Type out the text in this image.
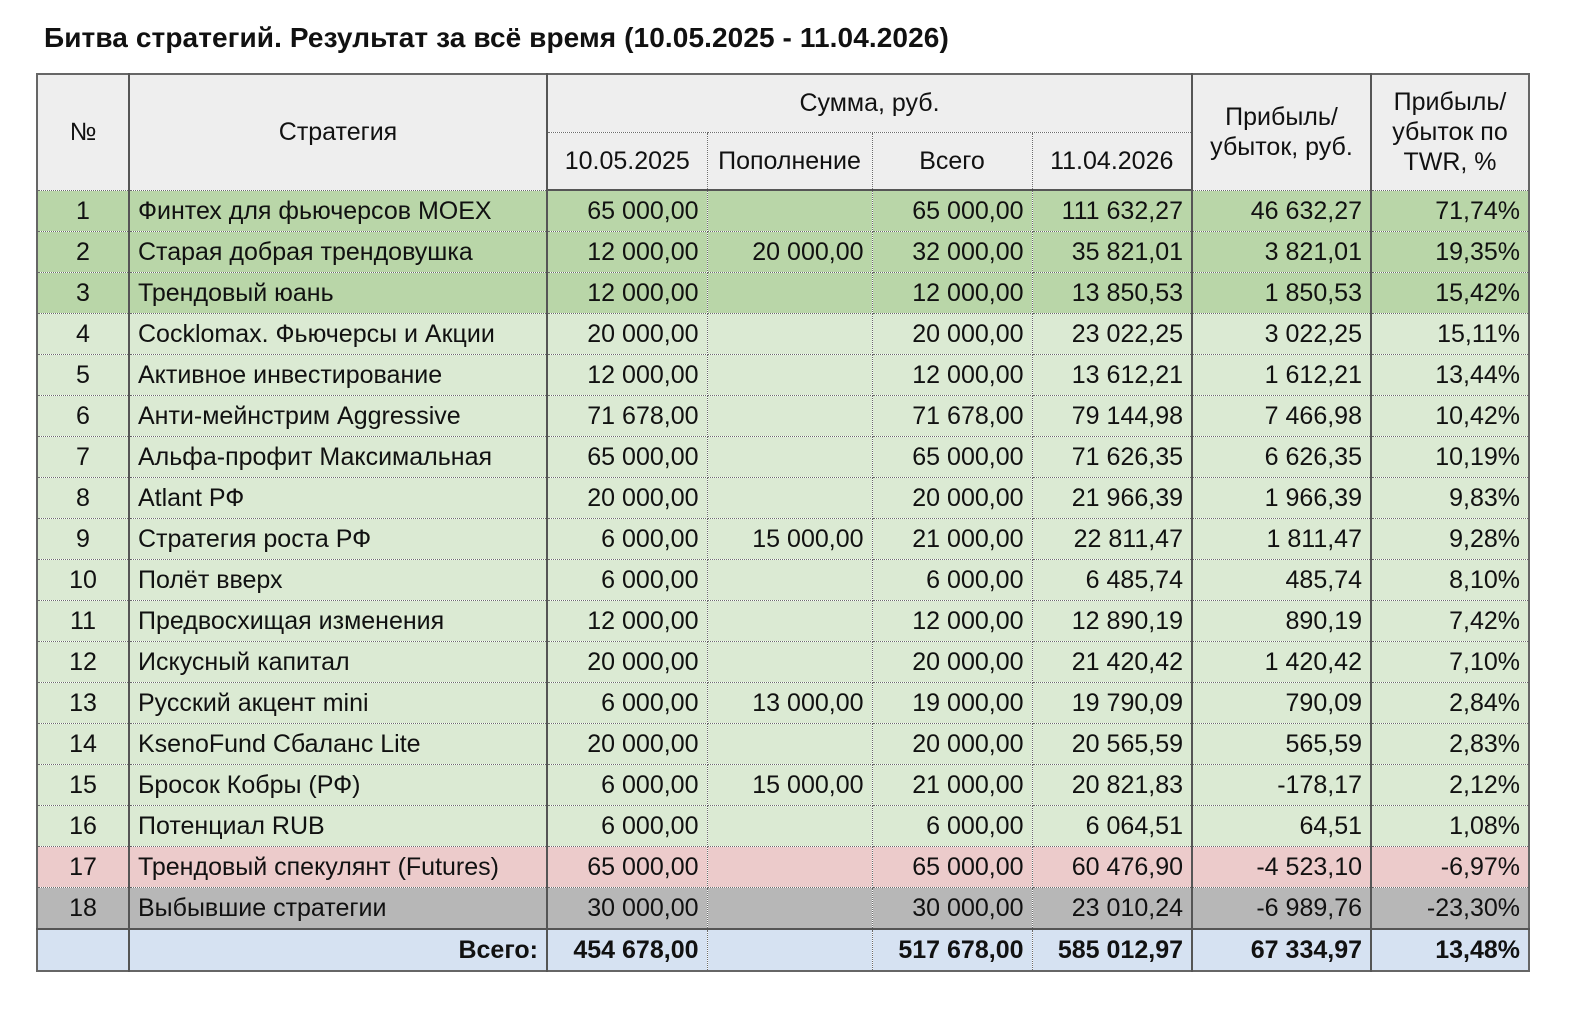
Битва стратегий. Результат за всё время (10.05.2025 - 11.04.2026)
№	Стратегия	Сумма, руб.				Прибыль/ убыток, руб.	Прибыль/ убыток по TWR, %
		10.05.2025	Пополнение	Всего	11.04.2026		
1	Финтех для фьючерсов MOEX	65 000,00		65 000,00	111 632,27	46 632,27	71,74%
2	Старая добрая трендовушка	12 000,00	20 000,00	32 000,00	35 821,01	3 821,01	19,35%
3	Трендовый юань	12 000,00		12 000,00	13 850,53	1 850,53	15,42%
4	Cocklomax. Фьючерсы и Акции	20 000,00		20 000,00	23 022,25	3 022,25	15,11%
5	Активное инвестирование	12 000,00		12 000,00	13 612,21	1 612,21	13,44%
6	Анти-мейнстрим Aggressive	71 678,00		71 678,00	79 144,98	7 466,98	10,42%
7	Альфа-профит Максимальная	65 000,00		65 000,00	71 626,35	6 626,35	10,19%
8	Atlant РФ	20 000,00		20 000,00	21 966,39	1 966,39	9,83%
9	Стратегия роста РФ	6 000,00	15 000,00	21 000,00	22 811,47	1 811,47	9,28%
10	Полёт вверх	6 000,00		6 000,00	6 485,74	485,74	8,10%
11	Предвосхищая изменения	12 000,00		12 000,00	12 890,19	890,19	7,42%
12	Искусный капитал	20 000,00		20 000,00	21 420,42	1 420,42	7,10%
13	Русский акцент mini	6 000,00	13 000,00	19 000,00	19 790,09	790,09	2,84%
14	KsenoFund Сбаланс Lite	20 000,00		20 000,00	20 565,59	565,59	2,83%
15	Бросок Кобры (РФ)	6 000,00	15 000,00	21 000,00	20 821,83	-178,17	2,12%
16	Потенциал RUB	6 000,00		6 000,00	6 064,51	64,51	1,08%
17	Трендовый спекулянт (Futures)	65 000,00		65 000,00	60 476,90	-4 523,10	-6,97%
18	Выбывшие стратегии	30 000,00		30 000,00	23 010,24	-6 989,76	-23,30%
	Всего:	454 678,00		517 678,00	585 012,97	67 334,97	13,48%
